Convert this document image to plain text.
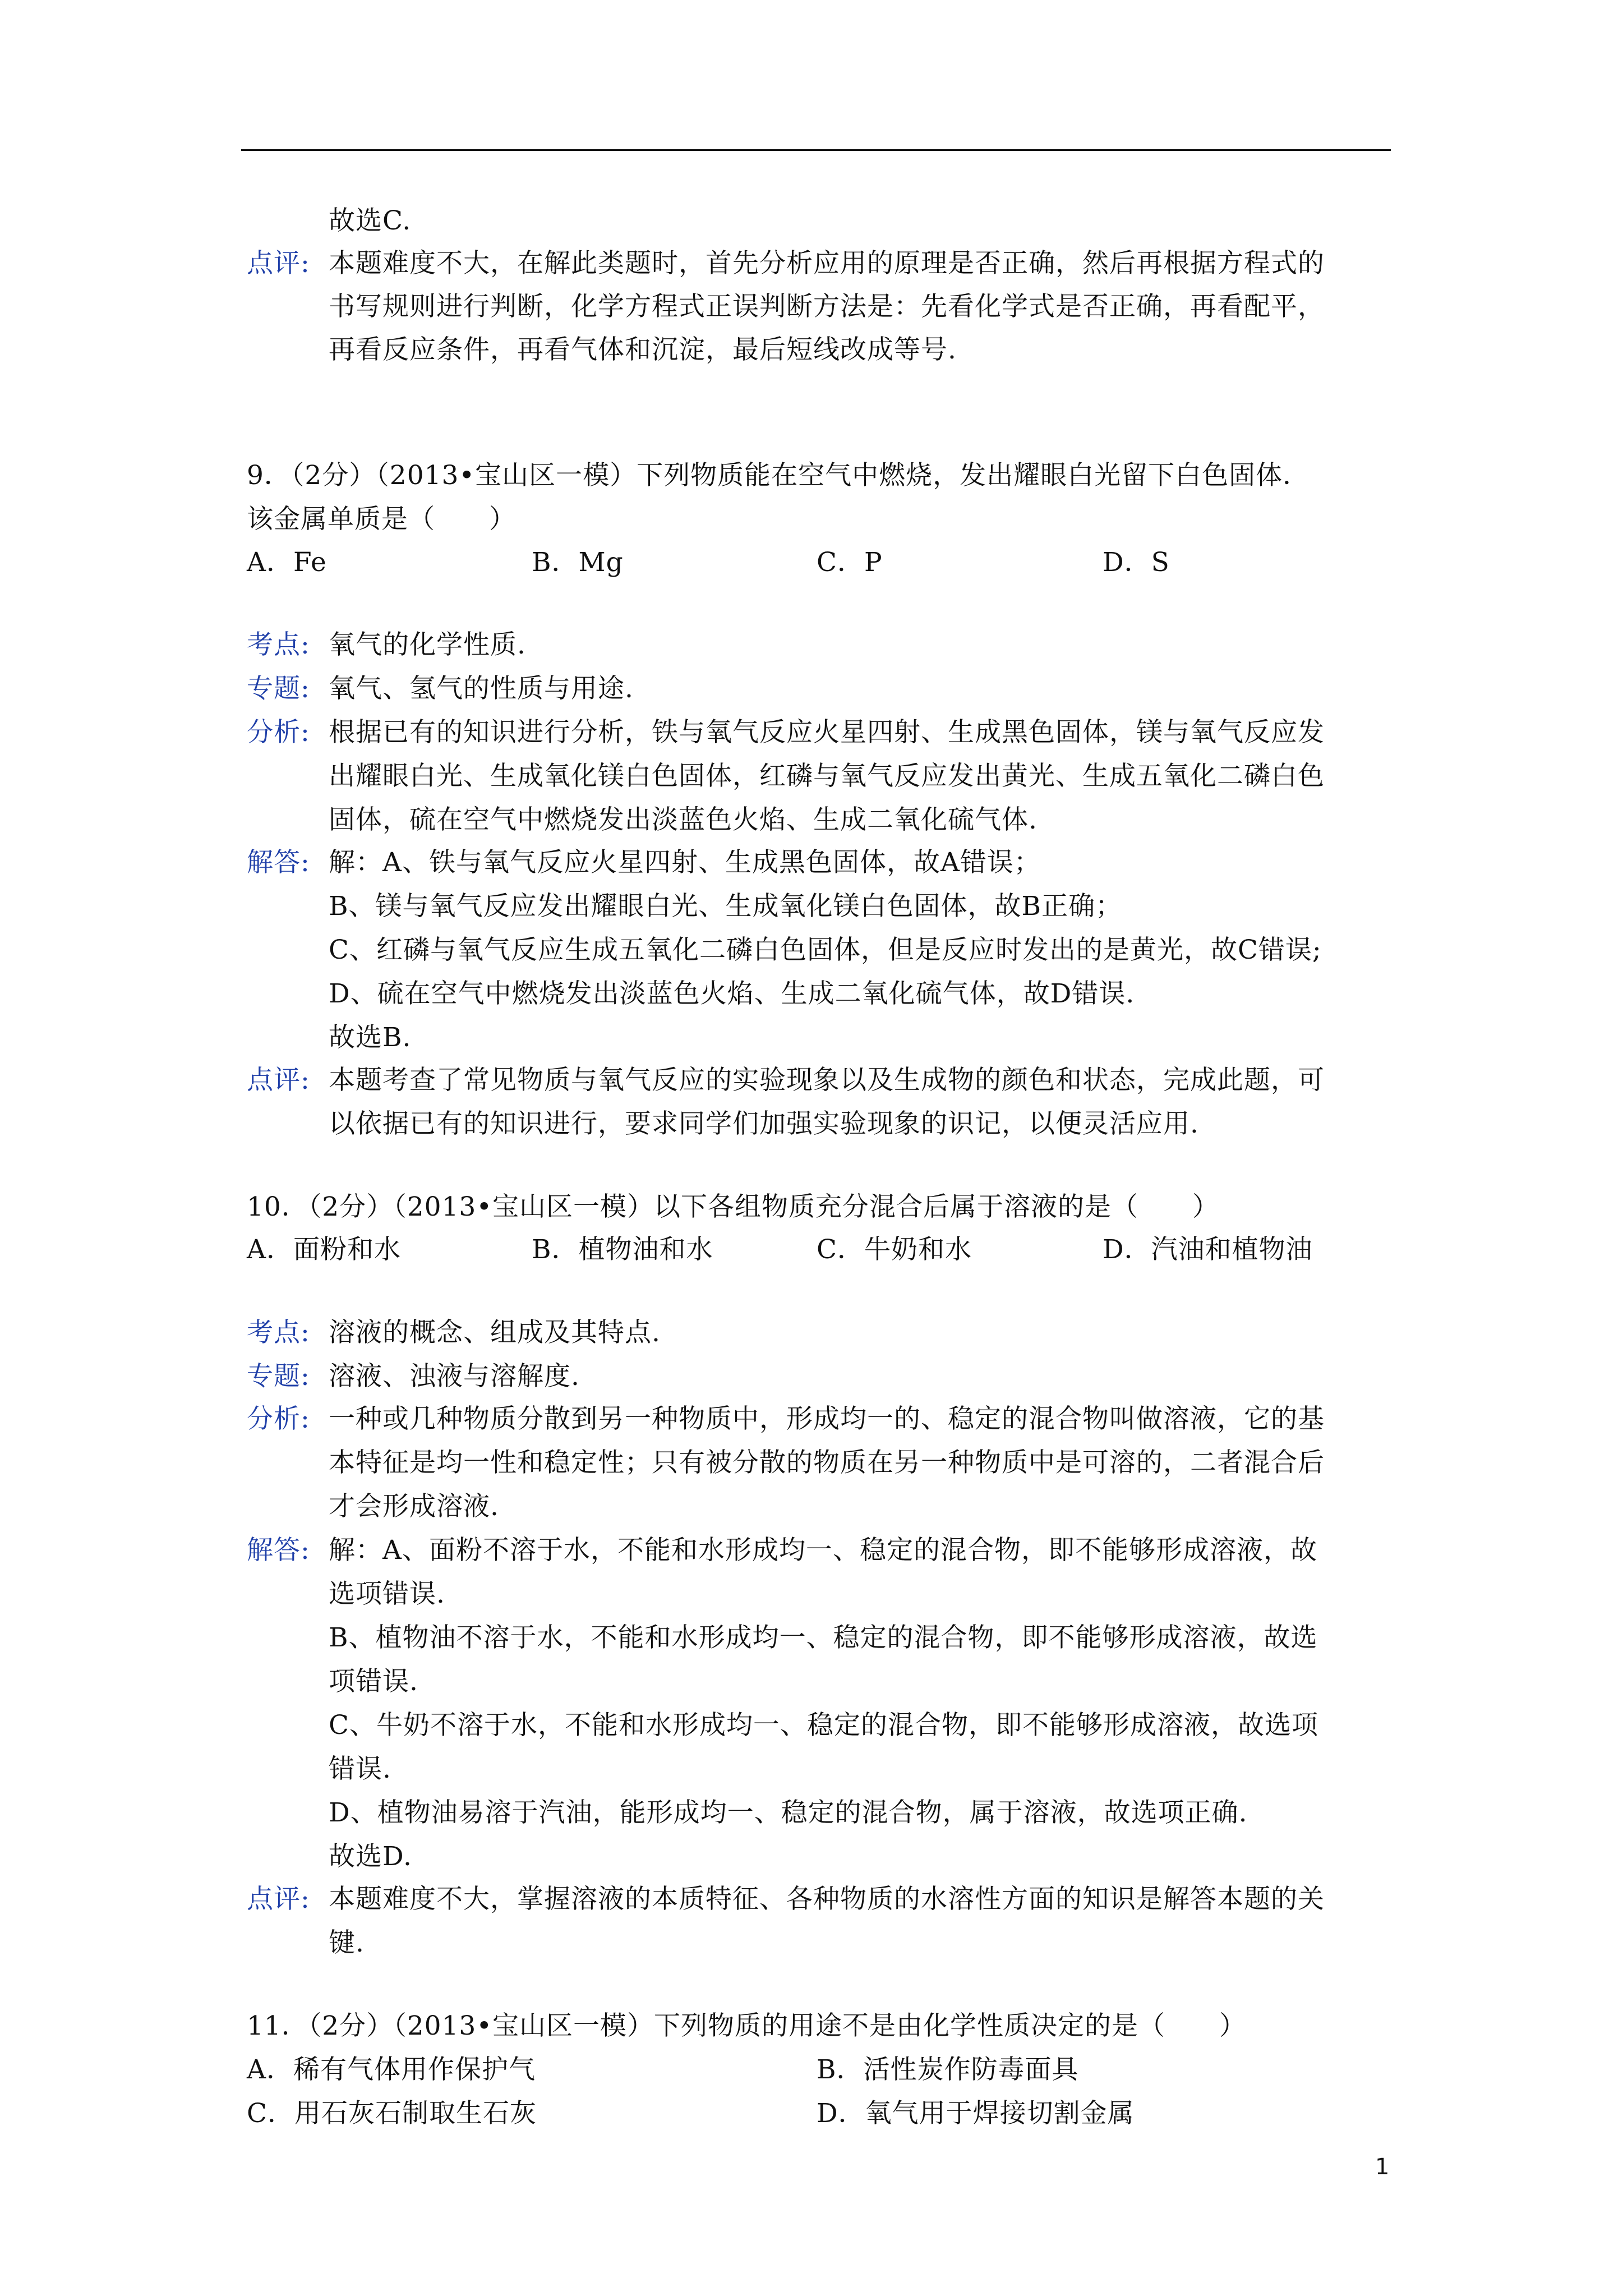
故选C.
点评: 本题难度不大，在解此类题时，首先分析应用的原理是否正确，然后再根据方程式的
书写规则进行判断，化学方程式正误判断方法是：先看化学式是否正确，再看配平，
再看反应条件，再看气体和沉淀，最后短线改成等号.
9．（2分）（2013•宝山区一模）下列物质能在空气中燃烧，发出耀眼白光留下白色固体．
该金属单质是（　　）
A．Fe	B．Mg	C．P	D．S
考点: 氧气的化学性质.
专题: 氧气、氢气的性质与用途.
分析: 根据已有的知识进行分析，铁与氧气反应火星四射、生成黑色固体，镁与氧气反应发
出耀眼白光、生成氧化镁白色固体，红磷与氧气反应发出黄光、生成五氧化二磷白色
固体，硫在空气中燃烧发出淡蓝色火焰、生成二氧化硫气体.
解答: 解：A、铁与氧气反应火星四射、生成黑色固体，故A错误；
B、镁与氧气反应发出耀眼白光、生成氧化镁白色固体，故B正确；
C、红磷与氧气反应生成五氧化二磷白色固体，但是反应时发出的是黄光，故C错误;
D、硫在空气中燃烧发出淡蓝色火焰、生成二氧化硫气体，故D错误.
故选B.
点评: 本题考查了常见物质与氧气反应的实验现象以及生成物的颜色和状态，完成此题，可
以依据已有的知识进行，要求同学们加强实验现象的识记，以便灵活应用.
10．（2分）（2013•宝山区一模）以下各组物质充分混合后属于溶液的是（　　）
A．面粉和水	B．植物油和水	C．牛奶和水	D．汽油和植物油
考点: 溶液的概念、组成及其特点.
专题: 溶液、浊液与溶解度.
分析: 一种或几种物质分散到另一种物质中，形成均一的、稳定的混合物叫做溶液，它的基
本特征是均一性和稳定性；只有被分散的物质在另一种物质中是可溶的，二者混合后
才会形成溶液.
解答: 解：A、面粉不溶于水，不能和水形成均一、稳定的混合物，即不能够形成溶液，故
选项错误.
B、植物油不溶于水，不能和水形成均一、稳定的混合物，即不能够形成溶液，故选
项错误.
C、牛奶不溶于水，不能和水形成均一、稳定的混合物，即不能够形成溶液，故选项
错误.
D、植物油易溶于汽油，能形成均一、稳定的混合物，属于溶液，故选项正确.
故选D.
点评: 本题难度不大，掌握溶液的本质特征、各种物质的水溶性方面的知识是解答本题的关
键.
11．（2分）（2013•宝山区一模）下列物质的用途不是由化学性质决定的是（　　）
A．稀有气体用作保护气	B．活性炭作防毒面具
C．用石灰石制取生石灰	D．氧气用于焊接切割金属
1
